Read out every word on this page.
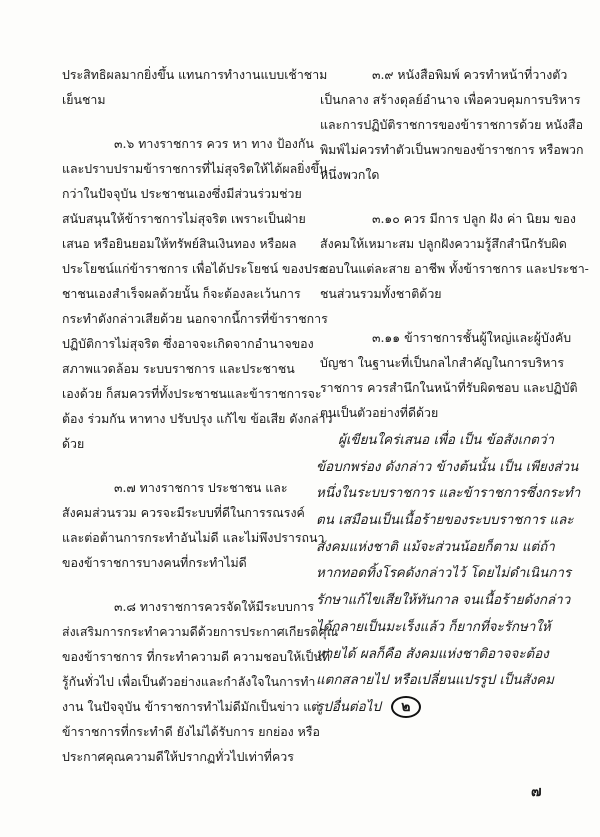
ประสิทธิผลมากยิ่งขึ้น แทนการทำงานแบบเช้าชาม
เย็นชาม
๓.๖ ทางราชการ ควร หา ทาง ป้องกัน
และปราบปรามข้าราชการที่ไม่สุจริตให้ได้ผลยิ่งขึ้น
กว่าในปัจจุบัน ประชาชนเองซึ่งมีส่วนร่วมช่วย
สนับสนุนให้ข้าราชการไม่สุจริต เพราะเป็นฝ่าย
เสนอ หรือยินยอมให้ทรัพย์สินเงินทอง หรือผล
ประโยชน์แก่ข้าราชการ เพื่อได้ประโยชน์ ของประ
ชาชนเองสำเร็จผลด้วยนั้น ก็จะต้องละเว้นการ
กระทำดังกล่าวเสียด้วย นอกจากนี้การที่ข้าราชการ
ปฏิบัติการไม่สุจริต ซึ่งอาจจะเกิดจากอำนาจของ
สภาพแวดล้อม ระบบราชการ และประชาชน
เองด้วย ก็สมควรที่ทั้งประชาชนและข้าราชการจะ
ต้อง ร่วมกัน หาทาง ปรับปรุง แก้ไข ข้อเสีย ดังกล่าว
ด้วย
๓.๗ ทางราชการ ประชาชน และ
สังคมส่วนรวม ควรจะมีระบบที่ดีในการรณรงค์
และต่อต้านการกระทำอันไม่ดี และไม่พึงปรารถนา
ของข้าราชการบางคนที่กระทำไม่ดี
๓.๘ ทางราชการควรจัดให้มีระบบการ
ส่งเสริมการกระทำความดีด้วยการประกาศเกียรติคุณ
ของข้าราชการ ที่กระทำความดี ความชอบให้เป็นที่
รู้กันทั่วไป เพื่อเป็นตัวอย่างและกำลังใจในการทำ
งาน ในปัจจุบัน ข้าราชการทำไม่ดีมักเป็นข่าว แต่
ข้าราชการที่กระทำดี ยังไม่ได้รับการ ยกย่อง หรือ
ประกาศคุณความดีให้ปรากฏทั่วไปเท่าที่ควร
๓.๙ หนังสือพิมพ์ ควรทำหน้าที่วางตัว
เป็นกลาง สร้างดุลย์อำนาจ เพื่อควบคุมการบริหาร
และการปฏิบัติราชการของข้าราชการด้วย หนังสือ
พิมพ์ไม่ควรทำตัวเป็นพวกของข้าราชการ หรือพวก
หนึ่งพวกใด
๓.๑๐ ควร มีการ ปลูก ฝัง ค่า นิยม ของ
สังคมให้เหมาะสม ปลูกฝังความรู้สึกสำนึกรับผิด
ชอบในแต่ละสาย อาชีพ ทั้งข้าราชการ และประชา-
ชนส่วนรวมทั้งชาติด้วย
๓.๑๑ ข้าราชการชั้นผู้ใหญ่และผู้บังคับ
บัญชา ในฐานะที่เป็นกลไกสำคัญในการบริหาร
ราชการ ควรสำนึกในหน้าที่รับผิดชอบ และปฏิบัติ
ตนเป็นตัวอย่างที่ดีด้วย
ผู้เขียนใคร่เสนอ เพื่อ เป็น ข้อสังเกตว่า
ข้อบกพร่อง ดังกล่าว ข้างต้นนั้น เป็น เพียงส่วน
หนึ่งในระบบราชการ และข้าราชการซึ่งกระทำ
ตน เสมือนเป็นเนื้อร้ายของระบบราชการ และ
สังคมแห่งชาติ แม้จะส่วนน้อยก็ตาม แต่ถ้า
หากทอดทิ้งโรคดังกล่าวไว้ โดยไม่ดำเนินการ
รักษาแก้ไขเสียให้ทันกาล จนเนื้อร้ายดังกล่าว
ได้กลายเป็นมะเร็งแล้ว ก็ยากที่จะรักษาให้
หายได้ ผลก็คือ สังคมแห่งชาติอาจจะต้อง
แตกสลายไป หรือเปลี่ยนแปรรูป เป็นสังคม
รูปอื่นต่อไป ๒
๗
